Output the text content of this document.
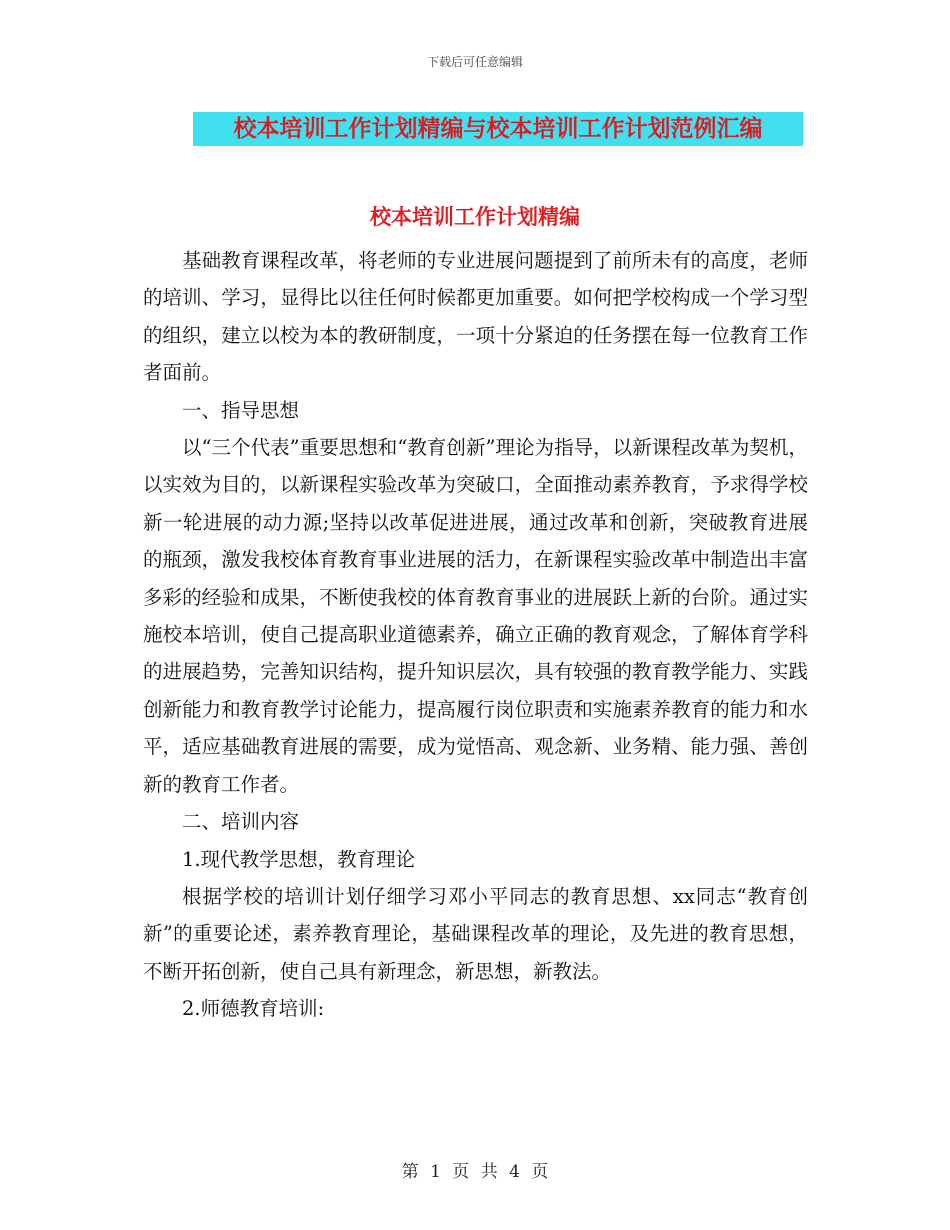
下载后可任意编辑
校本培训工作计划精编与校本培训工作计划范例汇编
校本培训工作计划精编

基础教育课程改革，将老师的专业进展问题提到了前所未有的高度，老师的培训、学习，显得比以往任何时候都更加重要。如何把学校构成一个学习型的组织，建立以校为本的教研制度，一项十分紧迫的任务摆在每一位教育工作者面前。

一、指导思想

以“三个代表”重要思想和“教育创新”理论为指导，以新课程改革为契机，以实效为目的，以新课程实验改革为突破口，全面推动素养教育，予求得学校新一轮进展的动力源;坚持以改革促进进展，通过改革和创新，突破教育进展的瓶颈，激发我校体育教育事业进展的活力，在新课程实验改革中制造出丰富多彩的经验和成果，不断使我校的体育教育事业的进展跃上新的台阶。通过实施校本培训，使自己提高职业道德素养，确立正确的教育观念，了解体育学科的进展趋势，完善知识结构，提升知识层次，具有较强的教育教学能力、实践创新能力和教育教学讨论能力，提高履行岗位职责和实施素养教育的能力和水平，适应基础教育进展的需要，成为觉悟高、观念新、业务精、能力强、善创新的教育工作者。

二、培训内容

1.现代教学思想，教育理论

根据学校的培训计划仔细学习邓小平同志的教育思想、xx同志“教育创新”的重要论述，素养教育理论，基础课程改革的理论，及先进的教育思想，不断开拓创新，使自己具有新理念，新思想，新教法。

2.师德教育培训:

第 1 页 共 4 页
